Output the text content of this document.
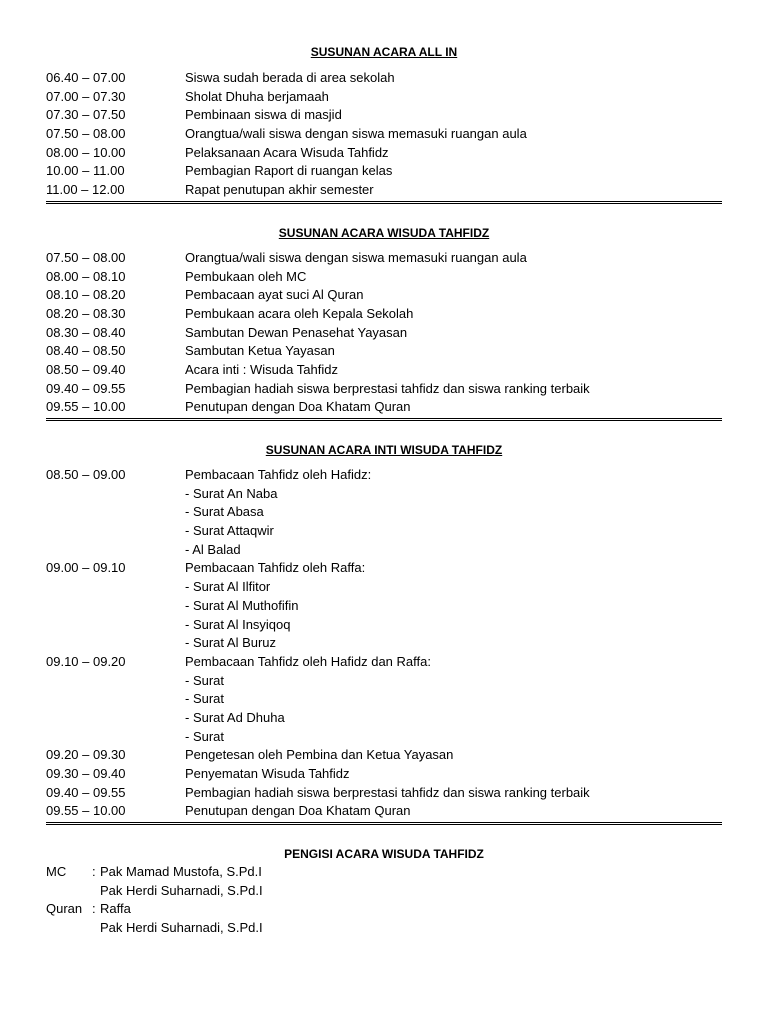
SUSUNAN ACARA ALL IN
06.40 – 07.00	Siswa sudah berada di area sekolah
07.00 – 07.30	Sholat Dhuha berjamaah
07.30 – 07.50	Pembinaan siswa di masjid
07.50 – 08.00	Orangtua/wali siswa dengan siswa memasuki ruangan aula
08.00 – 10.00	Pelaksanaan Acara Wisuda Tahfidz
10.00 – 11.00	Pembagian Raport di ruangan kelas
11.00 – 12.00	Rapat penutupan akhir semester
SUSUNAN ACARA WISUDA TAHFIDZ
07.50 – 08.00	Orangtua/wali siswa dengan siswa memasuki ruangan aula
08.00 – 08.10	Pembukaan oleh MC
08.10 – 08.20	Pembacaan ayat suci Al Quran
08.20 – 08.30	Pembukaan acara oleh Kepala Sekolah
08.30 – 08.40	Sambutan Dewan Penasehat Yayasan
08.40 – 08.50	Sambutan Ketua Yayasan
08.50 – 09.40	Acara inti : Wisuda Tahfidz
09.40 – 09.55	Pembagian hadiah siswa berprestasi tahfidz dan siswa ranking terbaik
09.55 – 10.00	Penutupan dengan Doa Khatam Quran
SUSUNAN ACARA INTI WISUDA TAHFIDZ
08.50 – 09.00	Pembacaan Tahfidz oleh Hafidz:
- Surat An Naba
- Surat Abasa
- Surat Attaqwir
- Al Balad
09.00 – 09.10	Pembacaan Tahfidz oleh Raffa:
- Surat Al Ilfitor
- Surat Al Muthofifin
- Surat Al Insyiqoq
- Surat Al Buruz
09.10 – 09.20	Pembacaan Tahfidz oleh Hafidz dan Raffa:
- Surat
- Surat
- Surat Ad Dhuha
- Surat
09.20 – 09.30	Pengetesan oleh Pembina dan Ketua Yayasan
09.30 – 09.40	Penyematan Wisuda Tahfidz
09.40 – 09.55	Pembagian hadiah siswa berprestasi tahfidz dan siswa ranking terbaik
09.55 – 10.00	Penutupan dengan Doa Khatam Quran
PENGISI ACARA WISUDA TAHFIDZ
MC	: Pak Mamad Mustofa, S.Pd.I
Pak Herdi Suharnadi, S.Pd.I
Quran : Raffa
Pak Herdi Suharnadi, S.Pd.I
